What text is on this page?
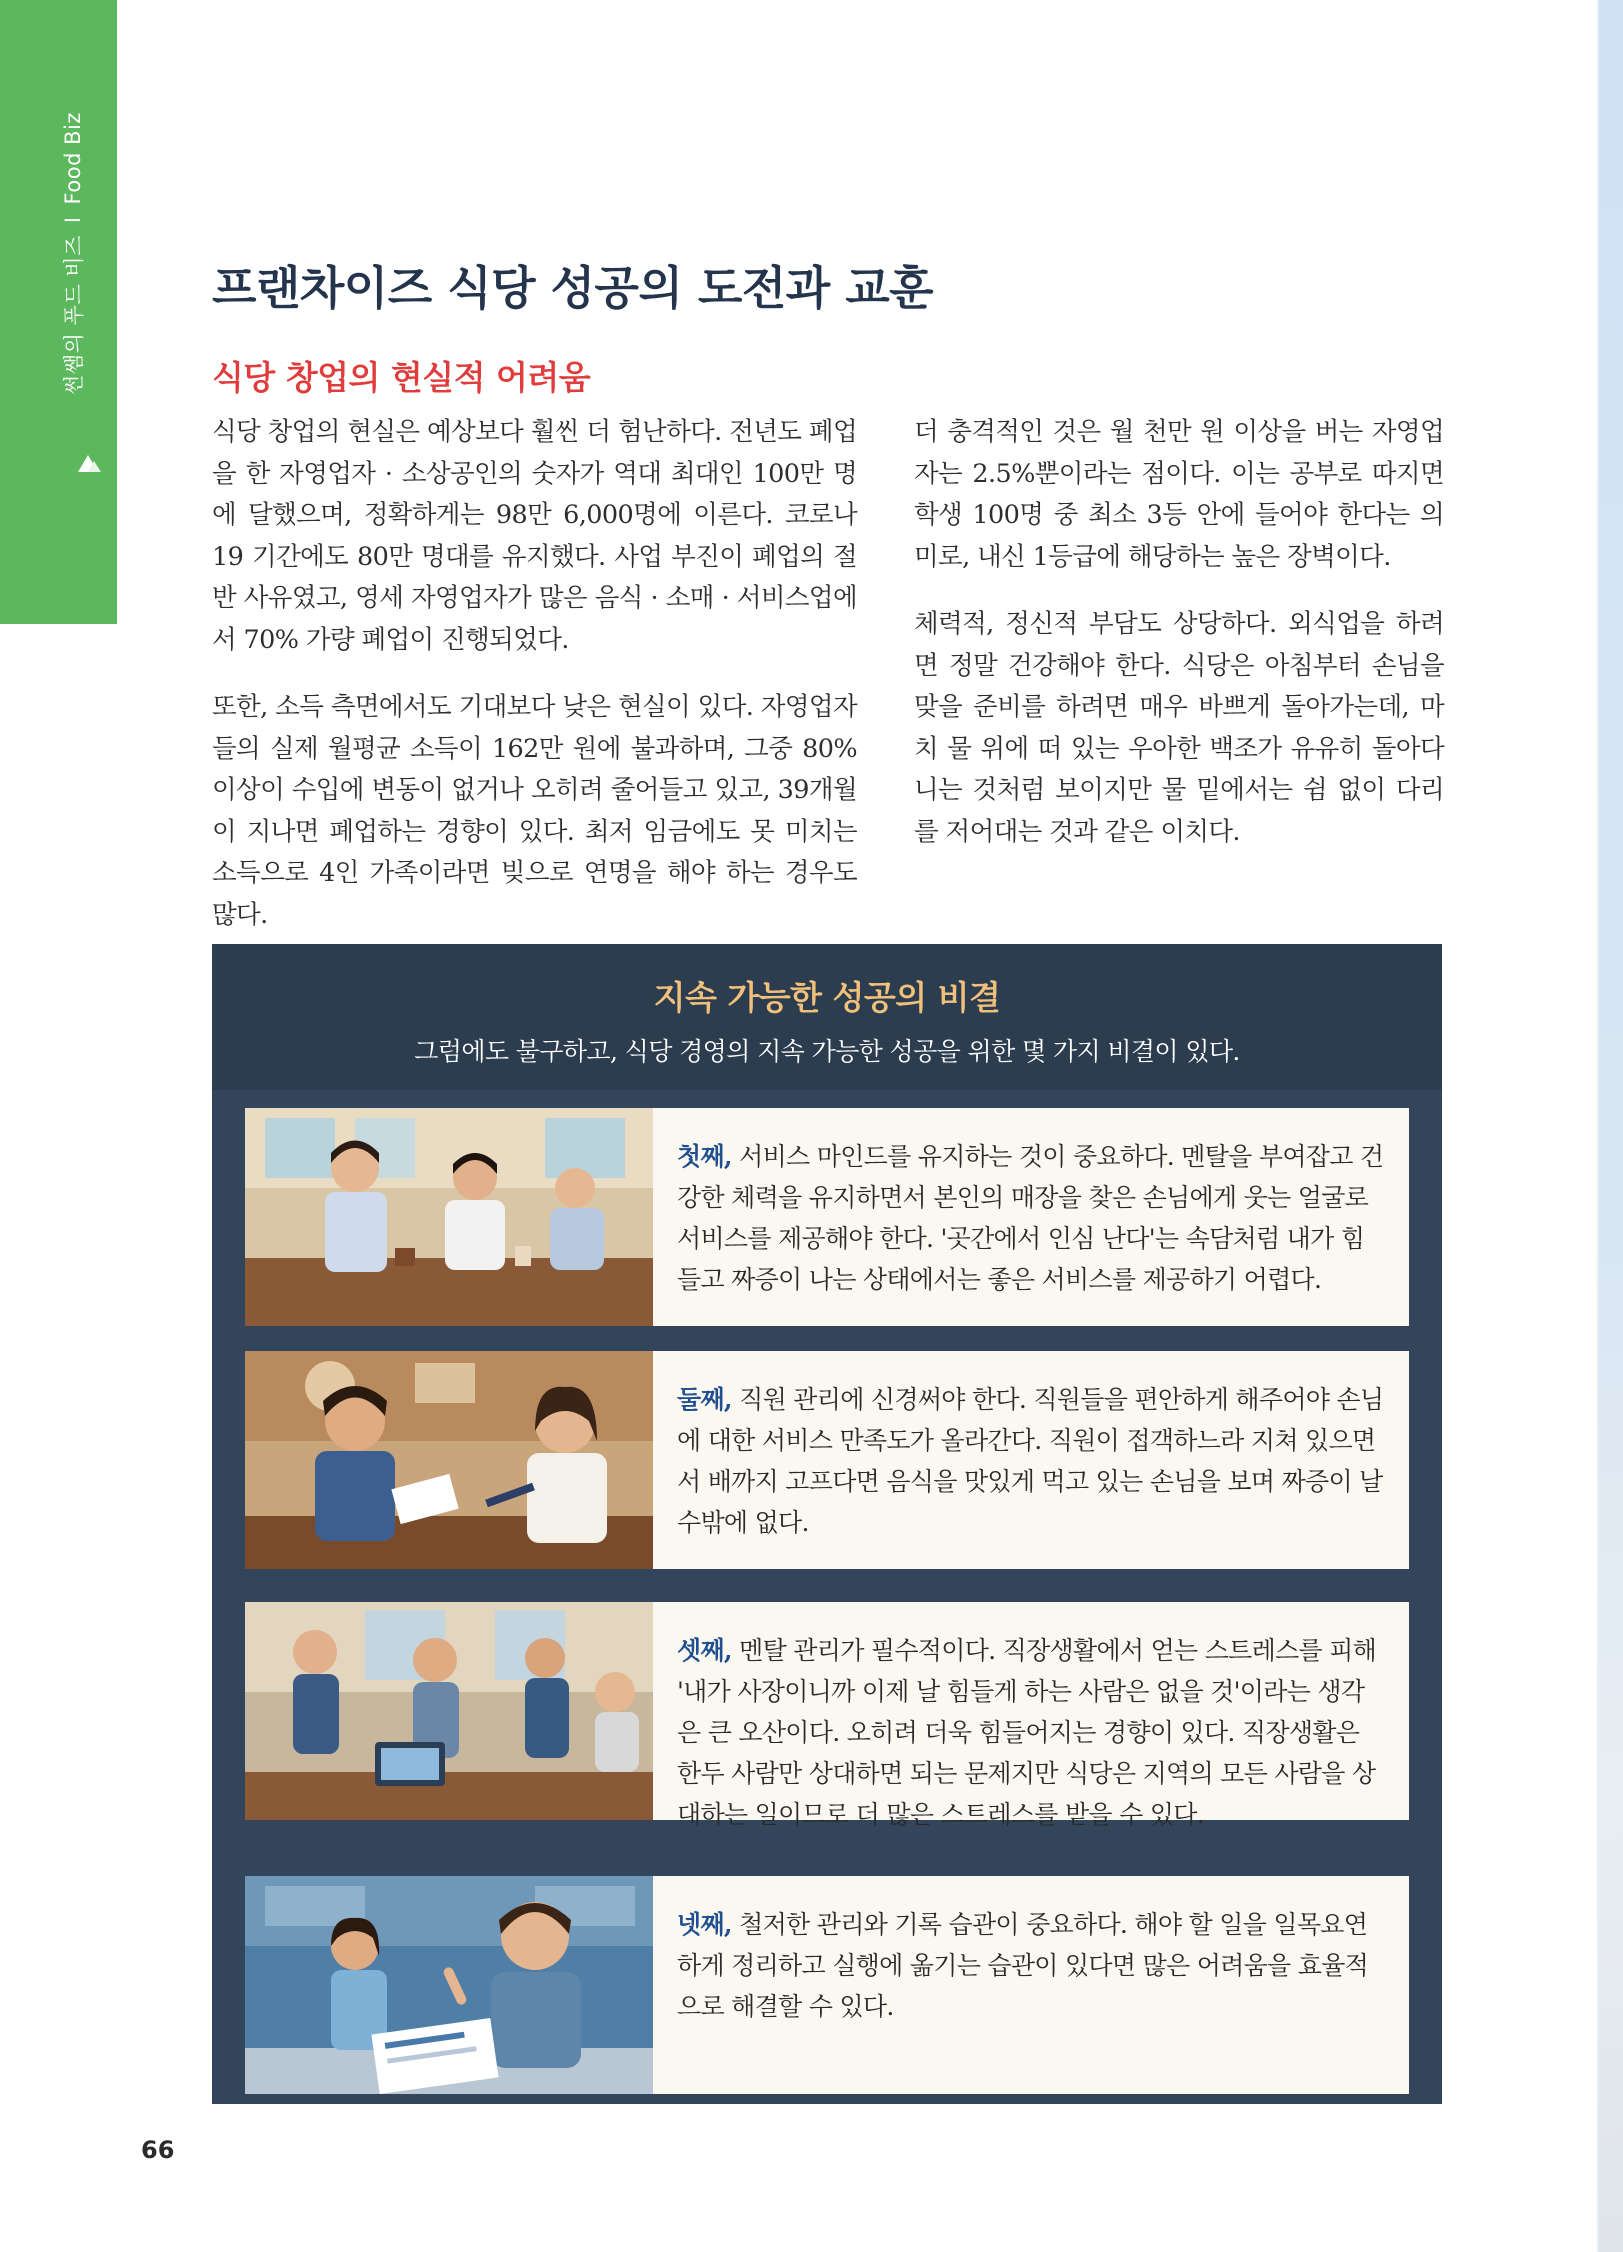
썬쌤의 푸드 비즈
I
Food Biz
프랜차이즈 식당 성공의 도전과 교훈
식당 창업의 현실적 어려움

식당 창업의 현실은 예상보다 훨씬 더 험난하다. 전년도 폐업을 한 자영업자 · 소상공인의 숫자가 역대 최대인 100만 명에 달했으며, 정확하게는 98만 6,000명에 이른다. 코로나19 기간에도 80만 명대를 유지했다. 사업 부진이 폐업의 절반 사유였고, 영세 자영업자가 많은 음식 · 소매 · 서비스업에서 70% 가량 폐업이 진행되었다.

또한, 소득 측면에서도 기대보다 낮은 현실이 있다. 자영업자들의 실제 월평균 소득이 162만 원에 불과하며, 그중 80% 이상이 수입에 변동이 없거나 오히려 줄어들고 있고, 39개월이 지나면 폐업하는 경향이 있다. 최저 임금에도 못 미치는 소득으로 4인 가족이라면 빚으로 연명을 해야 하는 경우도 많다.

더 충격적인 것은 월 천만 원 이상을 버는 자영업자는 2.5%뿐이라는 점이다. 이는 공부로 따지면 학생 100명 중 최소 3등 안에 들어야 한다는 의미로, 내신 1등급에 해당하는 높은 장벽이다.

체력적, 정신적 부담도 상당하다. 외식업을 하려면 정말 건강해야 한다. 식당은 아침부터 손님을 맞을 준비를 하려면 매우 바쁘게 돌아가는데, 마치 물 위에 떠 있는 우아한 백조가 유유히 돌아다니는 것처럼 보이지만 물 밑에서는 쉼 없이 다리를 저어대는 것과 같은 이치다.

지속 가능한 성공의 비결

그럼에도 불구하고, 식당 경영의 지속 가능한 성공을 위한 몇 가지 비결이 있다.

첫째, 서비스 마인드를 유지하는 것이 중요하다. 멘탈을 부여잡고 건강한 체력을 유지하면서 본인의 매장을 찾은 손님에게 웃는 얼굴로 서비스를 제공해야 한다. '곳간에서 인심 난다'는 속담처럼 내가 힘들고 짜증이 나는 상태에서는 좋은 서비스를 제공하기 어렵다.
둘째, 직원 관리에 신경써야 한다. 직원들을 편안하게 해주어야 손님에 대한 서비스 만족도가 올라간다. 직원이 접객하느라 지쳐 있으면서 배까지 고프다면 음식을 맛있게 먹고 있는 손님을 보며 짜증이 날 수밖에 없다.
셋째, 멘탈 관리가 필수적이다. 직장생활에서 얻는 스트레스를 피해 '내가 사장이니까 이제 날 힘들게 하는 사람은 없을 것'이라는 생각은 큰 오산이다. 오히려 더욱 힘들어지는 경향이 있다. 직장생활은 한두 사람만 상대하면 되는 문제지만 식당은 지역의 모든 사람을 상대하는 일이므로 더 많은 스트레스를 받을 수 있다.
넷째, 철저한 관리와 기록 습관이 중요하다. 해야 할 일을 일목요연하게 정리하고 실행에 옮기는 습관이 있다면 많은 어려움을 효율적으로 해결할 수 있다.
66
